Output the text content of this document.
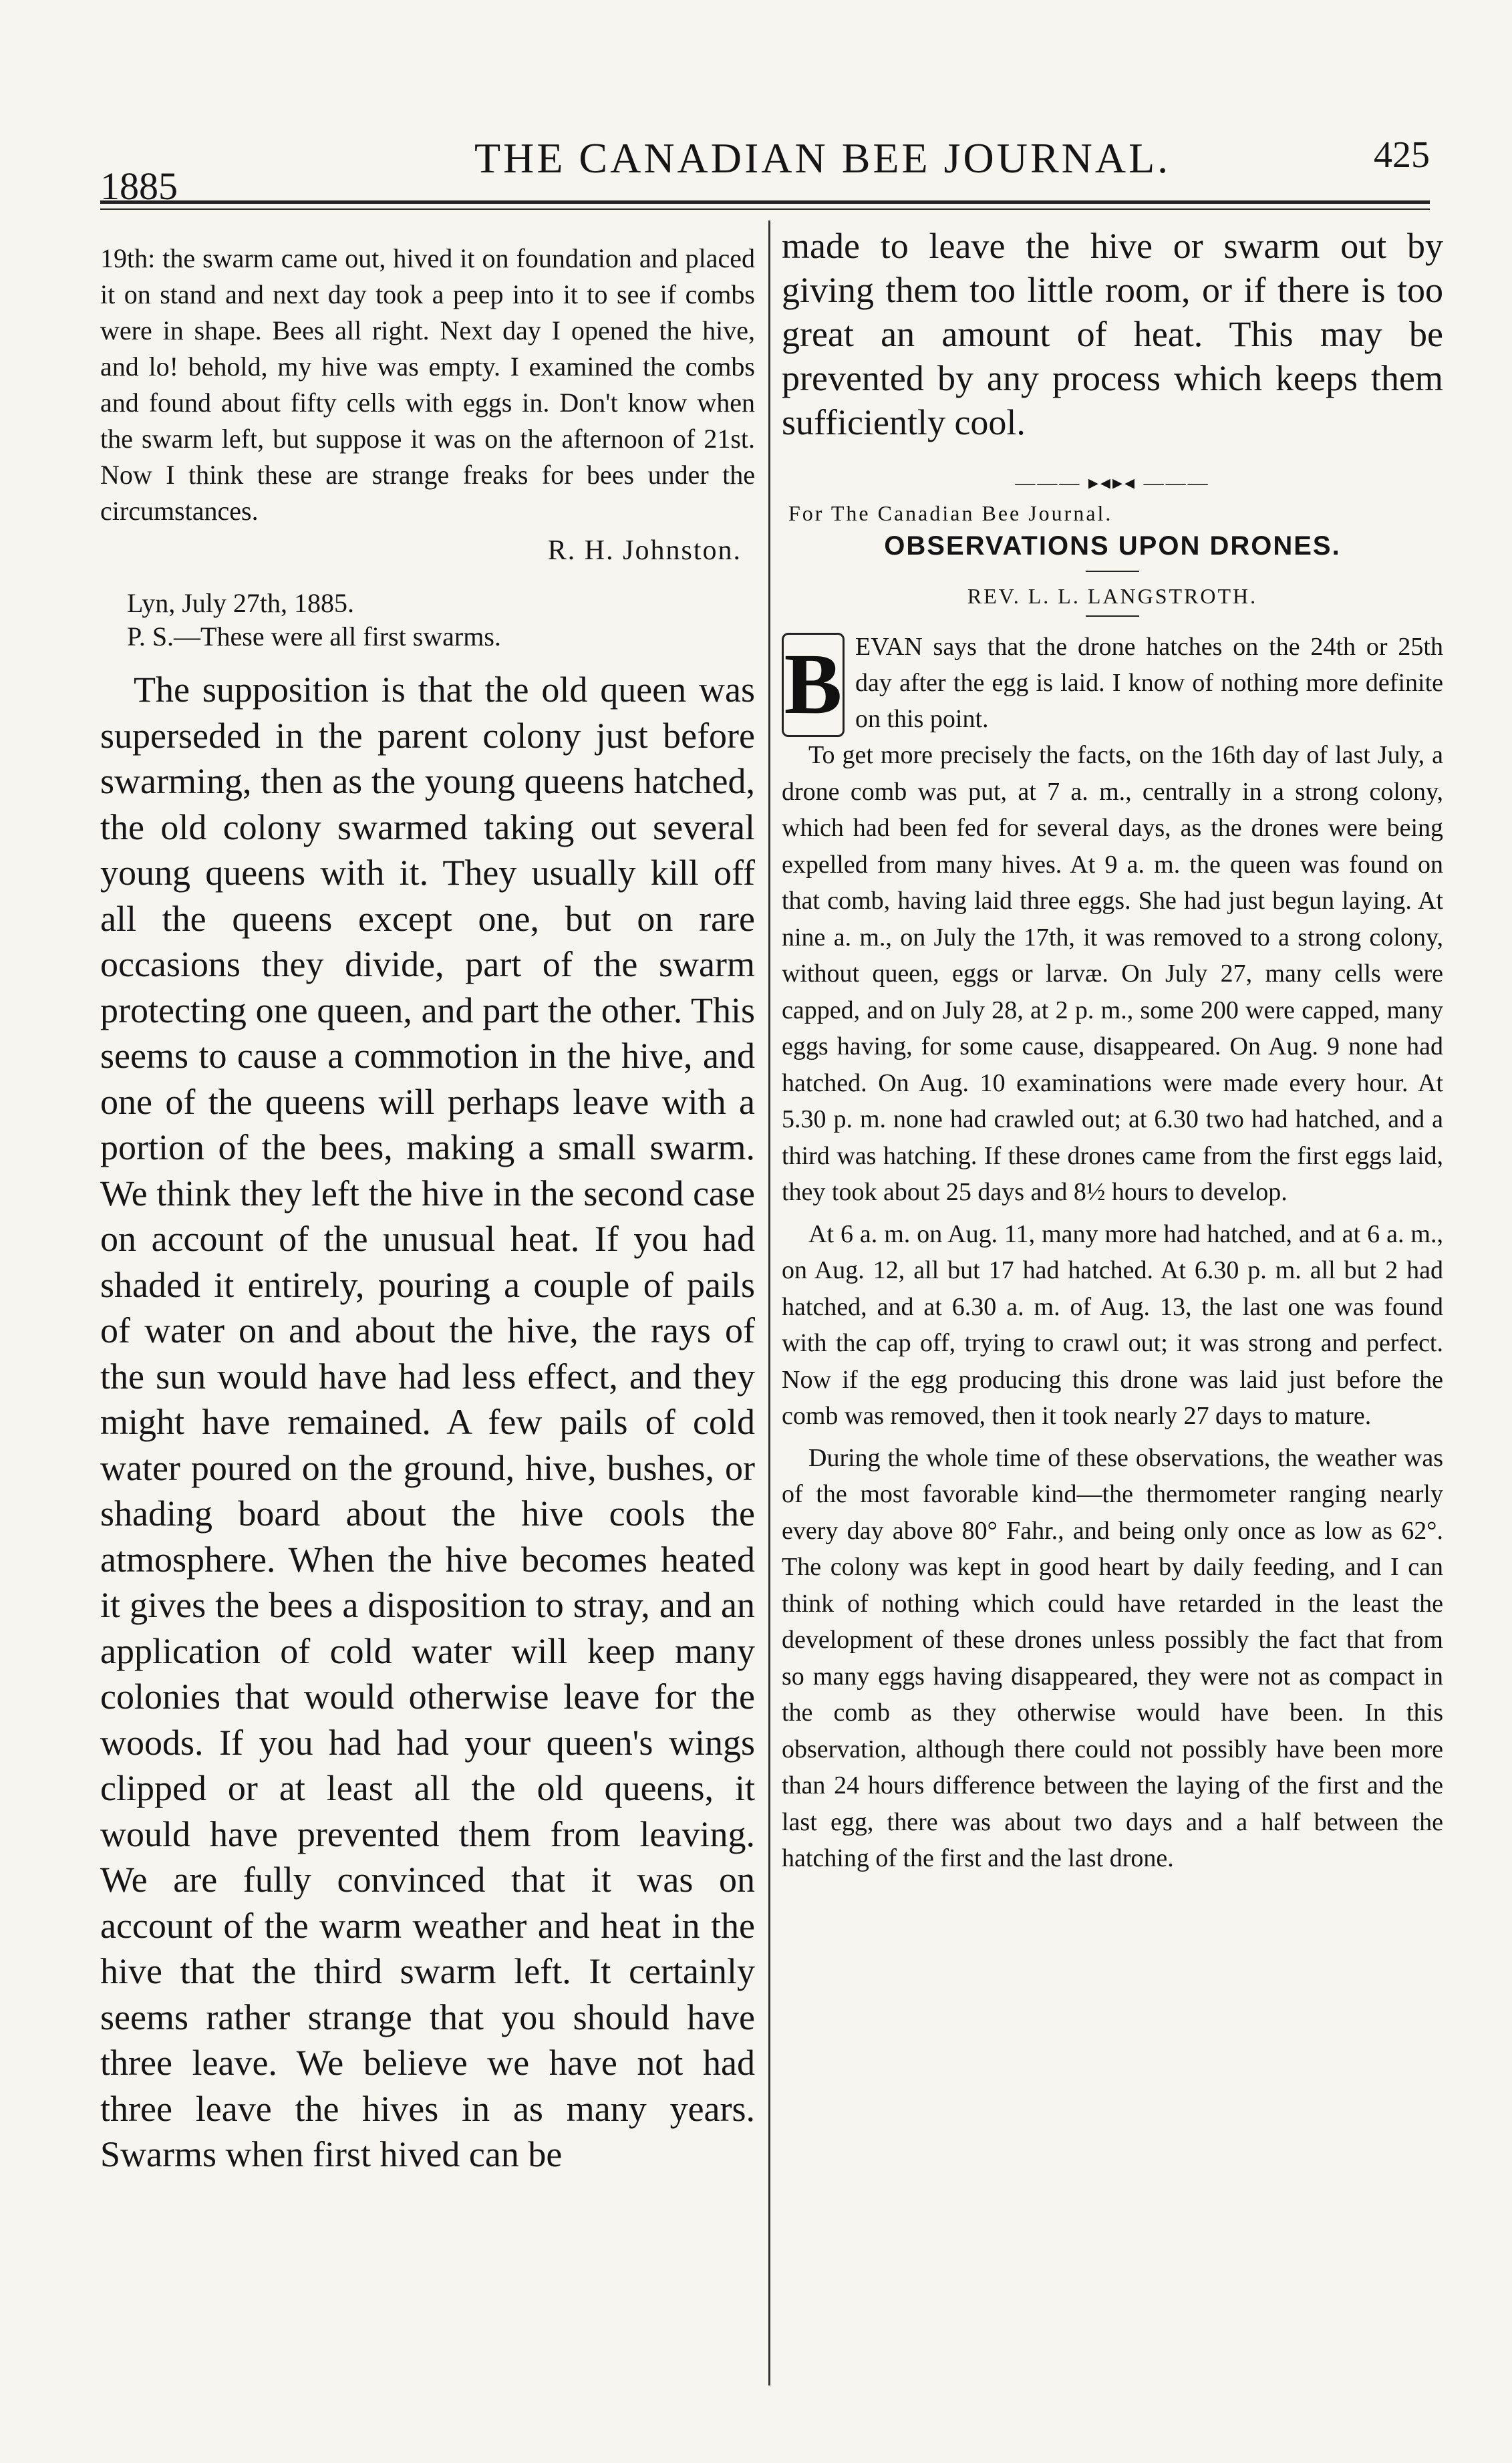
1885
THE CANADIAN BEE JOURNAL.	425

19th: the swarm came out, hived it on foundation and placed it on stand and next day took a peep into it to see if combs were in shape. Bees all right. Next day I opened the hive, and lo! behold, my hive was empty. I examined the combs and found about fifty cells with eggs in. Don't know when the swarm left, but suppose it was on the afternoon of 21st. Now I think these are strange freaks for bees under the circumstances.

R. H. Johnston.

Lyn, July 27th, 1885.

P. S.—These were all first swarms.

The supposition is that the old queen was superseded in the parent colony just before swarming, then as the young queens hatched, the old colony swarmed taking out several young queens with it. They usually kill off all the queens except one, but on rare occasions they divide, part of the swarm protecting one queen, and part the other. This seems to cause a commotion in the hive, and one of the queens will perhaps leave with a portion of the bees, making a small swarm. We think they left the hive in the second case on account of the unusual heat. If you had shaded it entirely, pouring a couple of pails of water on and about the hive, the rays of the sun would have had less effect, and they might have remained. A few pails of cold water poured on the ground, hive, bushes, or shading board about the hive cools the atmosphere. When the hive becomes heated it gives the bees a disposition to stray, and an application of cold water will keep many colonies that would otherwise leave for the woods. If you had had your queen's wings clipped or at least all the old queens, it would have prevented them from leaving. We are fully convinced that it was on account of the warm weather and heat in the hive that the third swarm left. It certainly seems rather strange that you should have three leave. We believe we have not had three leave the hives in as many years. Swarms when first hived can be

made to leave the hive or swarm out by giving them too little room, or if there is too great an amount of heat. This may be prevented by any process which keeps them sufficiently cool.

——— ▸◂▸◂ ———
For The Canadian Bee Journal.
OBSERVATIONS UPON DRONES.
REV. L. L. LANGSTROTH.

B EVAN says that the drone hatches on the 24th or 25th day after the egg is laid. I know of nothing more definite on this point.

To get more precisely the facts, on the 16th day of last July, a drone comb was put, at 7 a. m., centrally in a strong colony, which had been fed for several days, as the drones were being expelled from many hives. At 9 a. m. the queen was found on that comb, having laid three eggs. She had just begun laying. At nine a. m., on July the 17th, it was removed to a strong colony, without queen, eggs or larvæ. On July 27, many cells were capped, and on July 28, at 2 p. m., some 200 were capped, many eggs having, for some cause, disappeared. On Aug. 9 none had hatched. On Aug. 10 examinations were made every hour. At 5.30 p. m. none had crawled out; at 6.30 two had hatched, and a third was hatching. If these drones came from the first eggs laid, they took about 25 days and 8½ hours to develop.

At 6 a. m. on Aug. 11, many more had hatched, and at 6 a. m., on Aug. 12, all but 17 had hatched. At 6.30 p. m. all but 2 had hatched, and at 6.30 a. m. of Aug. 13, the last one was found with the cap off, trying to crawl out; it was strong and perfect. Now if the egg producing this drone was laid just before the comb was removed, then it took nearly 27 days to mature.

During the whole time of these observations, the weather was of the most favorable kind—the thermometer ranging nearly every day above 80° Fahr., and being only once as low as 62°. The colony was kept in good heart by daily feeding, and I can think of nothing which could have retarded in the least the development of these drones unless possibly the fact that from so many eggs having disappeared, they were not as compact in the comb as they otherwise would have been. In this observation, although there could not possibly have been more than 24 hours difference between the laying of the first and the last egg, there was about two days and a half between the hatching of the first and the last drone.
